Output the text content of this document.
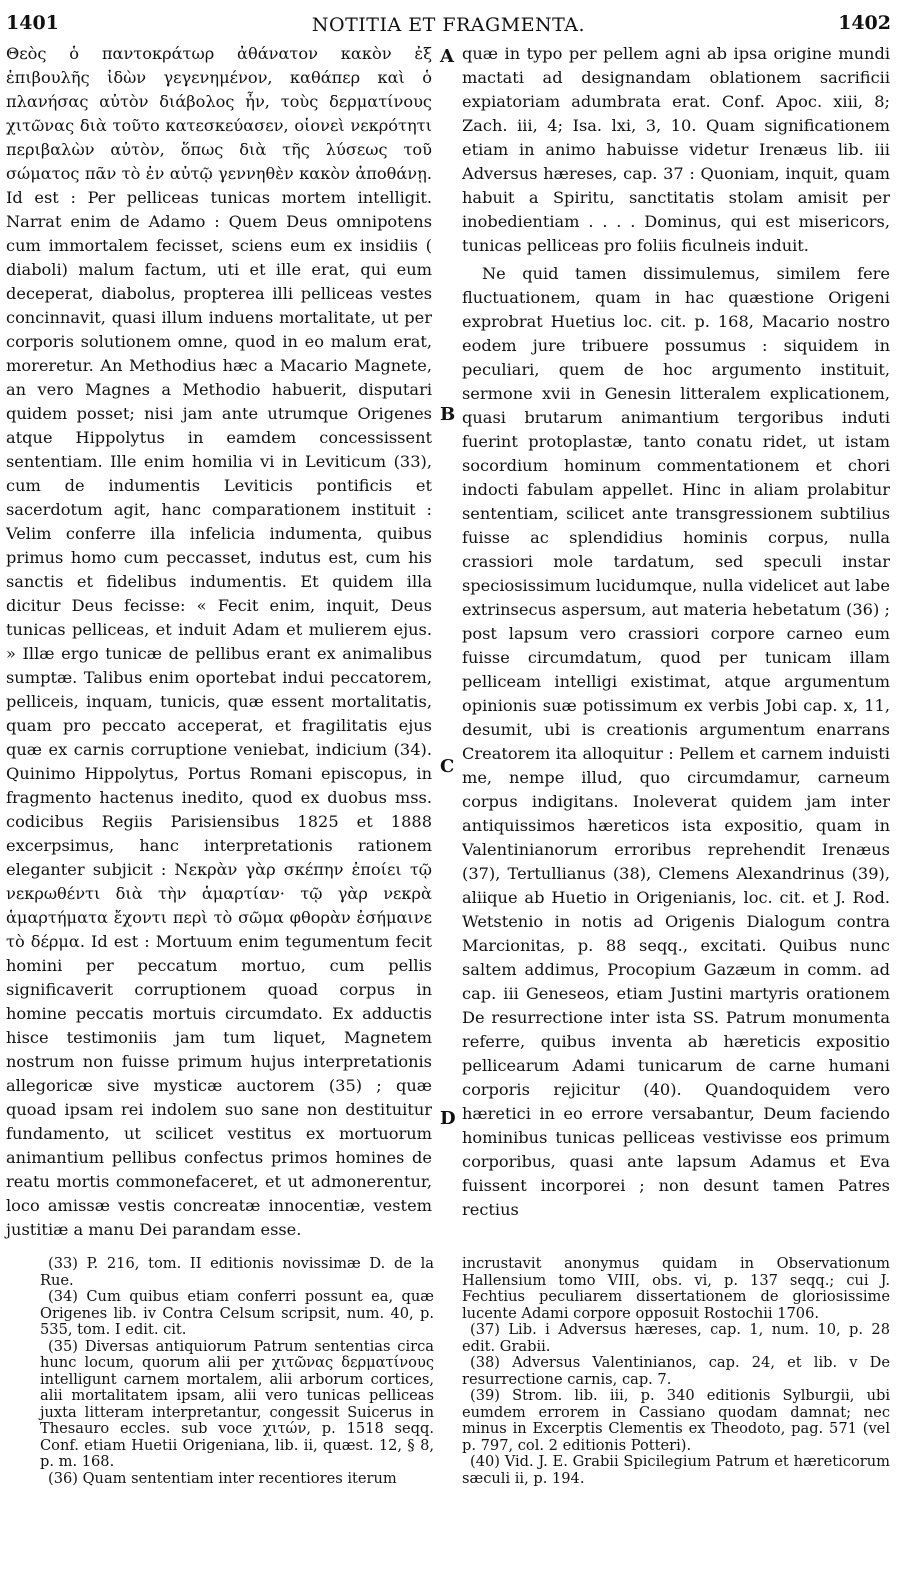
1401	NOTITIA ET FRAGMENTA.	1402

Θεὸς ὁ παντοκράτωρ ἀθάνατον κακὸν ἐξ ἐπιβουλῆς ἰδὼν γεγενημένον, καθάπερ καὶ ὁ πλανήσας αὐτὸν διάβολος ἦν, τοὺς δερματίνους χιτῶνας διὰ τοῦτο κατεσκεύασεν, οἱονεὶ νεκρότητι περιβαλὼν αὐτὸν, ὅπως διὰ τῆς λύσεως τοῦ σώματος πᾶν τὸ ἐν αὐτῷ γεννηθὲν κακὸν ἀποθάνῃ. Id est : Per pelliceas tunicas mortem intelligit. Narrat enim de Adamo : Quem Deus omnipotens cum immortalem fecisset, sciens eum ex insidiis ( diaboli) malum factum, uti et ille erat, qui eum deceperat, diabolus, propterea illi pelliceas vestes concinnavit, quasi illum induens mortalitate, ut per corporis solutionem omne, quod in eo malum erat, moreretur. An Methodius hæc a Macario Magnete, an vero Magnes a Methodio habuerit, disputari quidem posset; nisi jam ante utrumque Origenes atque Hippolytus in eamdem concessissent sententiam. Ille enim homilia vi in Leviticum (33), cum de indumentis Leviticis pontificis et sacerdotum agit, hanc comparationem instituit : Velim conferre illa infelicia indumenta, quibus primus homo cum peccasset, indutus est, cum his sanctis et fidelibus indumentis. Et quidem illa dicitur Deus fecisse: « Fecit enim, inquit, Deus tunicas pelliceas, et induit Adam et mulierem ejus. » Illæ ergo tunicæ de pellibus erant ex animalibus sumptæ. Talibus enim oportebat indui peccatorem, pelliceis, inquam, tunicis, quæ essent mortalitatis, quam pro peccato acceperat, et fragilitatis ejus quæ ex carnis corruptione veniebat, indicium (34). Quinimo Hippolytus, Portus Romani episcopus, in fragmento hactenus inedito, quod ex duobus mss. codicibus Regiis Parisiensibus 1825 et 1888 excerpsimus, hanc interpretationis rationem eleganter subjicit : Νεκρὰν γὰρ σκέπην ἐποίει τῷ νεκρωθέντι διὰ τὴν ἁμαρτίαν· τῷ γὰρ νεκρὰ ἁμαρτήματα ἔχοντι περὶ τὸ σῶμα φθορὰν ἐσήμαινε τὸ δέρμα. Id est : Mortuum enim tegumentum fecit homini per peccatum mortuo, cum pellis significaverit corruptionem quoad corpus in homine peccatis mortuis circumdato. Ex adductis hisce testimoniis jam tum liquet, Magnetem nostrum non fuisse primum hujus interpretationis allegoricæ sive mysticæ auctorem (35) ; quæ quoad ipsam rei indolem suo sane non destituitur fundamento, ut scilicet vestitus ex mortuorum animantium pellibus confectus primos homines de reatu mortis commonefaceret, et ut admonerentur, loco amissæ vestis concreatæ innocentiæ, vestem justitiæ a manu Dei parandam esse.

A
B
C
D

quæ in typo per pellem agni ab ipsa origine mundi mactati ad designandam oblationem sacrificii expiatoriam adumbrata erat. Conf. Apoc. xiii, 8; Zach. iii, 4; Isa. lxi, 3, 10. Quam significationem etiam in animo habuisse videtur Irenæus lib. iii Adversus hæreses, cap. 37 : Quoniam, inquit, quam habuit a Spiritu, sanctitatis stolam amisit per inobedientiam . . . . Dominus, qui est misericors, tunicas pelliceas pro foliis ficulneis induit.

Ne quid tamen dissimulemus, similem fere fluctuationem, quam in hac quæstione Origeni exprobrat Huetius loc. cit. p. 168, Macario nostro eodem jure tribuere possumus : siquidem in peculiari, quem de hoc argumento instituit, sermone xvii in Genesin litteralem explicationem, quasi brutarum animantium tergoribus induti fuerint protoplastæ, tanto conatu ridet, ut istam socordium hominum commentationem et chori indocti fabulam appellet. Hinc in aliam prolabitur sententiam, scilicet ante transgressionem subtilius fuisse ac splendidius hominis corpus, nulla crassiori mole tardatum, sed speculi instar speciosissimum lucidumque, nulla videlicet aut labe extrinsecus aspersum, aut materia hebetatum (36) ; post lapsum vero crassiori corpore carneo eum fuisse circumdatum, quod per tunicam illam pelliceam intelligi existimat, atque argumentum opinionis suæ potissimum ex verbis Jobi cap. x, 11, desumit, ubi is creationis argumentum enarrans Creatorem ita alloquitur : Pellem et carnem induisti me, nempe illud, quo circumdamur, carneum corpus indigitans. Inoleverat quidem jam inter antiquissimos hæreticos ista expositio, quam in Valentinianorum erroribus reprehendit Irenæus (37), Tertullianus (38), Clemens Alexandrinus (39), aliique ab Huetio in Origenianis, loc. cit. et J. Rod. Wetstenio in notis ad Origenis Dialogum contra Marcionitas, p. 88 seqq., excitati. Quibus nunc saltem addimus, Procopium Gazæum in comm. ad cap. iii Geneseos, etiam Justini martyris orationem De resurrectione inter ista SS. Patrum monumenta referre, quibus inventa ab hæreticis expositio pellicearum Adami tunicarum de carne humani corporis rejicitur (40). Quandoquidem vero hæretici in eo errore versabantur, Deum faciendo hominibus tunicas pelliceas vestivisse eos primum corporibus, quasi ante lapsum Adamus et Eva fuissent incorporei ; non desunt tamen Patres rectius

(33) P. 216, tom. II editionis novissimæ D. de la Rue.

(34) Cum quibus etiam conferri possunt ea, quæ Origenes lib. iv Contra Celsum scripsit, num. 40, p. 535, tom. I edit. cit.

(35) Diversas antiquiorum Patrum sententias circa hunc locum, quorum alii per χιτῶνας δερματίνους intelligunt carnem mortalem, alii arborum cortices, alii mortalitatem ipsam, alii vero tunicas pelliceas juxta litteram interpretantur, congessit Suicerus in Thesauro eccles. sub voce χιτών, p. 1518 seqq. Conf. etiam Huetii Origeniana, lib. ii, quæst. 12, § 8, p. m. 168.

(36) Quam sententiam inter recentiores iterum

incrustavit anonymus quidam in Observationum Hallensium tomo VIII, obs. vi, p. 137 seqq.; cui J. Fechtius peculiarem dissertationem de gloriosissime lucente Adami corpore opposuit Rostochii 1706.

(37) Lib. i Adversus hæreses, cap. 1, num. 10, p. 28 edit. Grabii.

(38) Adversus Valentinianos, cap. 24, et lib. v De resurrectione carnis, cap. 7.

(39) Strom. lib. iii, p. 340 editionis Sylburgii, ubi eumdem errorem in Cassiano quodam damnat; nec minus in Excerptis Clementis ex Theodoto, pag. 571 (vel p. 797, col. 2 editionis Potteri).

(40) Vid. J. E. Grabii Spicilegium Patrum et hæreticorum sæculi ii, p. 194.
